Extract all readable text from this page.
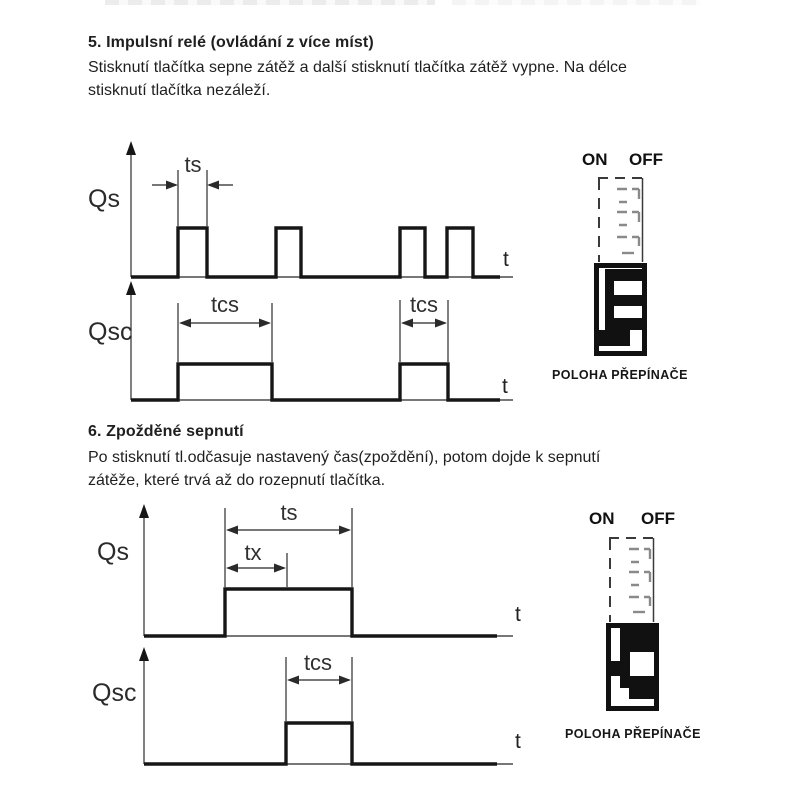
5. Impulsní relé (ovládání z více míst)
Stisknutí tlačítka sepne zátěž a další stisknutí tlačítka zátěž vypne. Na délce
stisknutí tlačítka nezáleží.
6. Zpožděné sepnutí
Po stisknutí tl.odčasuje nastavený čas(zpoždění), potom dojde k sepnutí
zátěže, které trvá až do rozepnutí tlačítka.
Qs
Qsc
ts
tcs	tcs
t
t
Qs
Qsc
ts
tx
tcs
t
t
ON OFF
POLOHA PŘEPÍNAČE
ON OFF
POLOHA PŘEPÍNAČE
